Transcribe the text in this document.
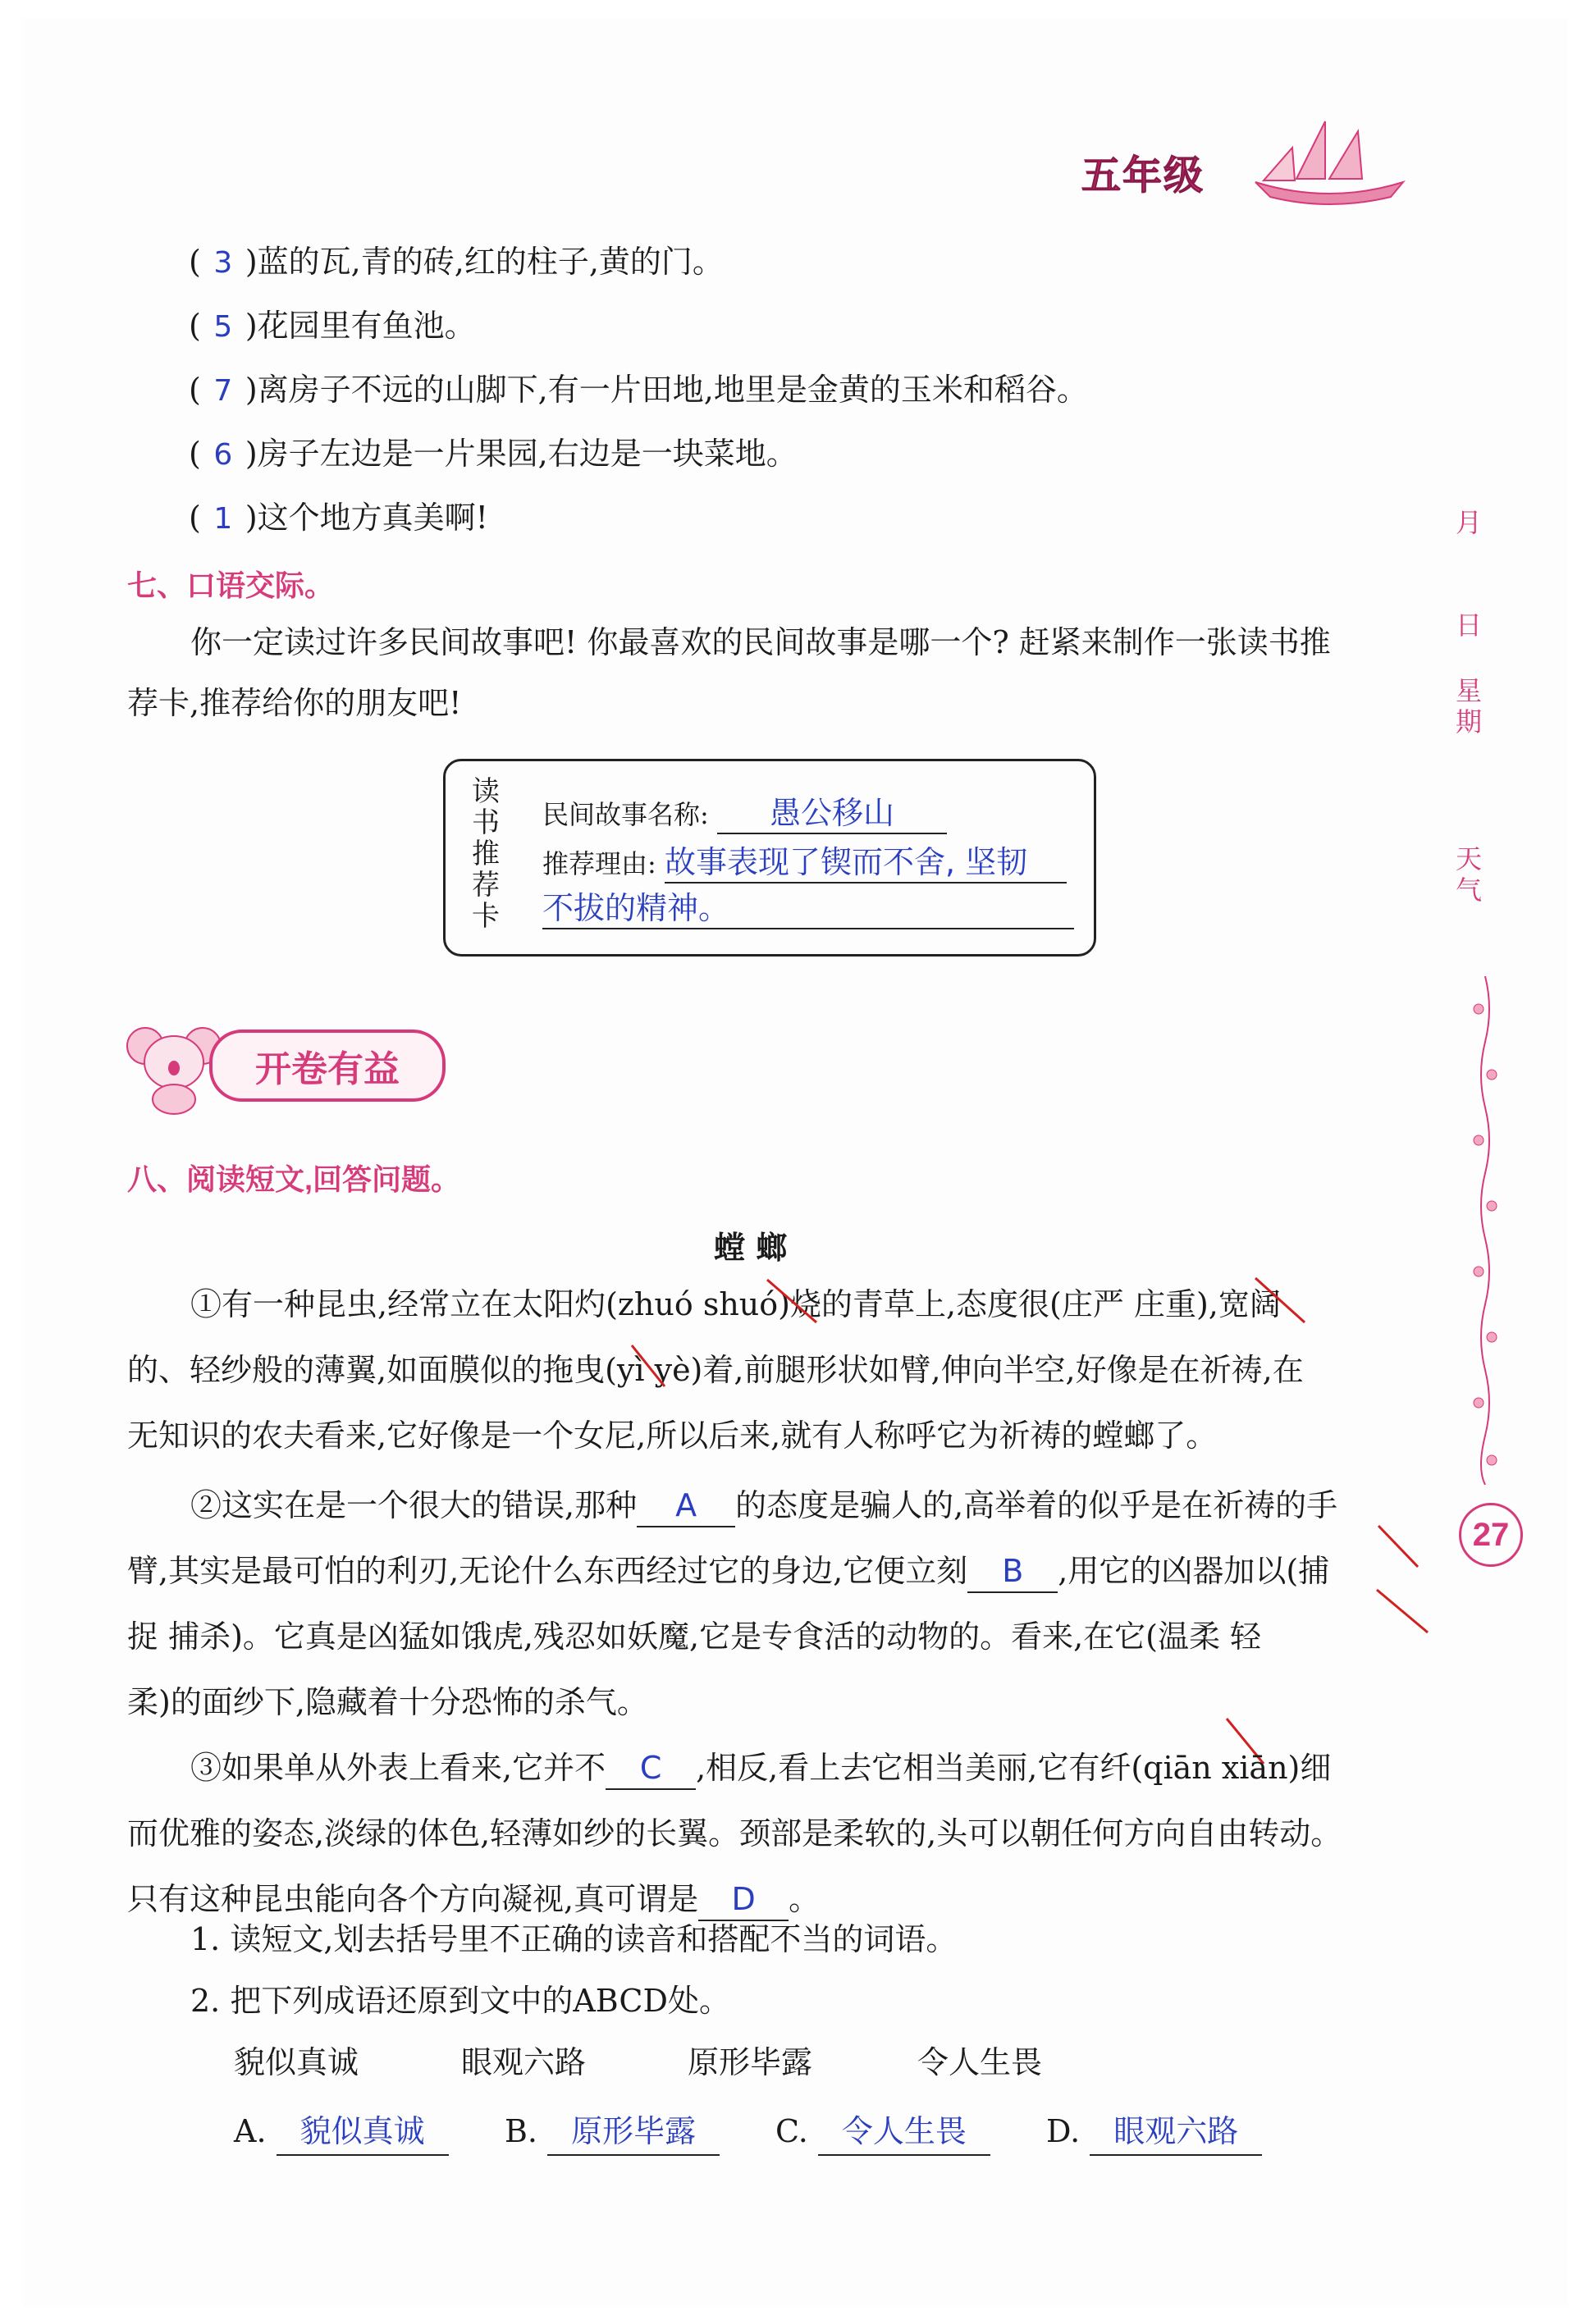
五年级
( 3 )蓝的瓦,青的砖,红的柱子,黄的门。
( 5 )花园里有鱼池。
( 7 )离房子不远的山脚下,有一片田地,地里是金黄的玉米和稻谷。
( 6 )房子左边是一片果园,右边是一块菜地。
( 1 )这个地方真美啊!
七、口语交际。
你一定读过许多民间故事吧! 你最喜欢的民间故事是哪一个? 赶紧来制作一张读书推
荐卡,推荐给你的朋友吧!
读书推荐卡
民间故事名称: 愚公移山
推荐理由: 故事表现了锲而不舍, 坚韧
不拔的精神。
开卷有益
八、阅读短文,回答问题。
螳 螂
①有一种昆虫,经常立在太阳灼(zhuó shuó)烧的青草上,态度很(庄严 庄重),宽阔
的、轻纱般的薄翼,如面膜似的拖曳(yì yè)着,前腿形状如臂,伸向半空,好像是在祈祷,在
无知识的农夫看来,它好像是一个女尼,所以后来,就有人称呼它为祈祷的螳螂了。
②这实在是一个很大的错误,那种 A 的态度是骗人的,高举着的似乎是在祈祷的手
臂,其实是最可怕的利刃,无论什么东西经过它的身边,它便立刻 B ,用它的凶器加以(捕
捉 捕杀)。它真是凶猛如饿虎,残忍如妖魔,它是专食活的动物的。看来,在它(温柔 轻
柔)的面纱下,隐藏着十分恐怖的杀气。
③如果单从外表上看来,它并不 C ,相反,看上去它相当美丽,它有纤(qiān xiān)细
而优雅的姿态,淡绿的体色,轻薄如纱的长翼。颈部是柔软的,头可以朝任何方向自由转动。
只有这种昆虫能向各个方向凝视,真可谓是 D 。
1. 读短文,划去括号里不正确的读音和搭配不当的词语。
2. 把下列成语还原到文中的ABCD处。
貌似真诚	眼观六路	原形毕露	令人生畏
A. 貌似真诚	B. 原形毕露	C. 令人生畏	D. 眼观六路
月
日
星期
天气
27
